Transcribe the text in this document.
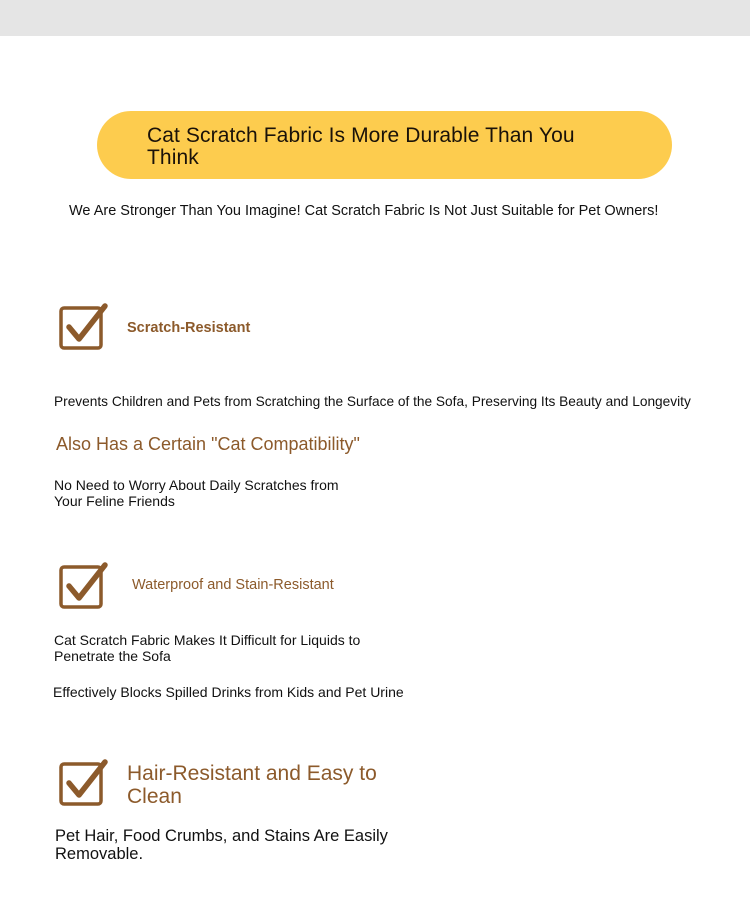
Cat Scratch Fabric Is More Durable Than You Think

We Are Stronger Than You Imagine! Cat Scratch Fabric Is Not Just Suitable for Pet Owners!
Scratch-Resistant
Prevents Children and Pets from Scratching the Surface of the Sofa, Preserving Its Beauty and Longevity
Also Has a Certain "Cat Compatibility"
No Need to Worry About Daily Scratches from Your Feline Friends
Waterproof and Stain-Resistant
Cat Scratch Fabric Makes It Difficult for Liquids to Penetrate the Sofa
Effectively Blocks Spilled Drinks from Kids and Pet Urine
Hair-Resistant and Easy to Clean
Pet Hair, Food Crumbs, and Stains Are Easily Removable.
